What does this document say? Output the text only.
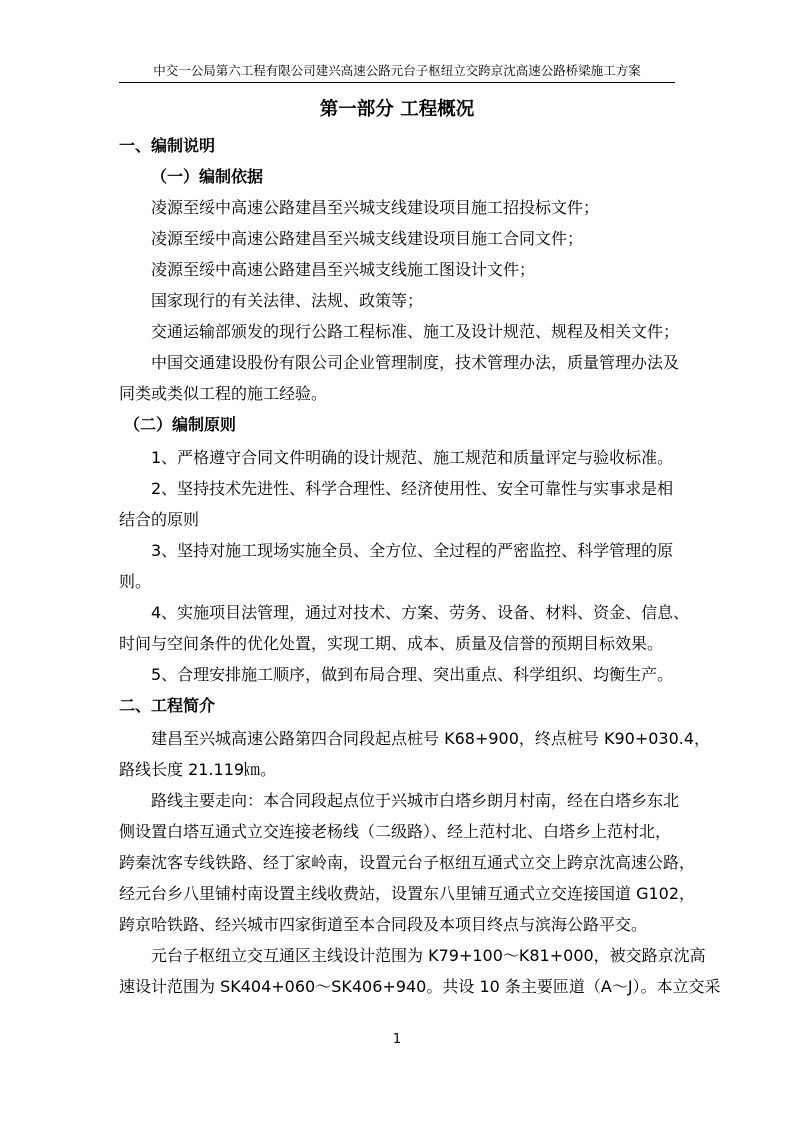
中交一公局第六工程有限公司建兴高速公路元台子枢纽立交跨京沈高速公路桥梁施工方案
第一部分 工程概况
一、编制说明
（一）编制依据
凌源至绥中高速公路建昌至兴城支线建设项目施工招投标文件；
凌源至绥中高速公路建昌至兴城支线建设项目施工合同文件；
凌源至绥中高速公路建昌至兴城支线施工图设计文件；
国家现行的有关法律、法规、政策等；
交通运输部颁发的现行公路工程标准、施工及设计规范、规程及相关文件；
中国交通建设股份有限公司企业管理制度，技术管理办法，质量管理办法及
同类或类似工程的施工经验。
（二）编制原则
1、严格遵守合同文件明确的设计规范、施工规范和质量评定与验收标准。
2、坚持技术先进性、科学合理性、经济使用性、安全可靠性与实事求是相
结合的原则
3、坚持对施工现场实施全员、全方位、全过程的严密监控、科学管理的原
则。
4、实施项目法管理，通过对技术、方案、劳务、设备、材料、资金、信息、
时间与空间条件的优化处置，实现工期、成本、质量及信誉的预期目标效果。
5、合理安排施工顺序，做到布局合理、突出重点、科学组织、均衡生产。
二、工程简介
建昌至兴城高速公路第四合同段起点桩号 K68+900，终点桩号 K90+030.4，
路线长度 21.119㎞。
路线主要走向：本合同段起点位于兴城市白塔乡朗月村南，经在白塔乡东北
侧设置白塔互通式立交连接老杨线（二级路）、经上范村北、白塔乡上范村北，
跨秦沈客专线铁路、经丁家岭南，设置元台子枢纽互通式立交上跨京沈高速公路，
经元台乡八里铺村南设置主线收费站，设置东八里铺互通式立交连接国道 G102，
跨京哈铁路、经兴城市四家街道至本合同段及本项目终点与滨海公路平交。
元台子枢纽立交互通区主线设计范围为 K79+100～K81+000，被交路京沈高
速设计范围为 SK404+060～SK406+940。共设 10 条主要匝道（A～J）。本立交采
1
